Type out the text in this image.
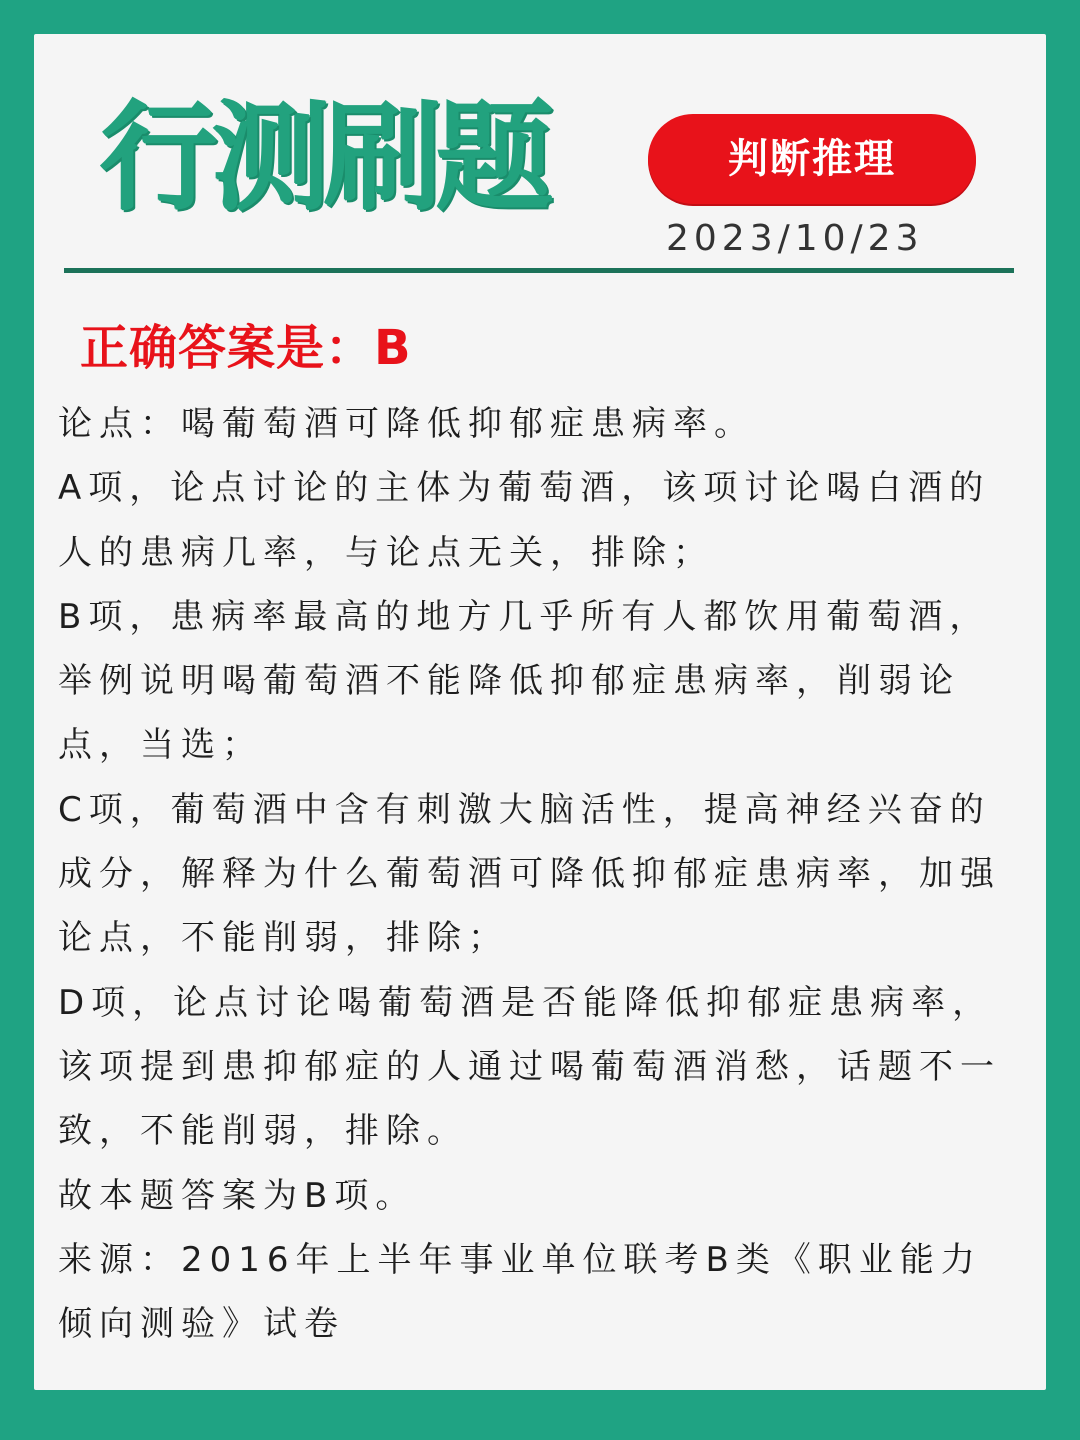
行测刷题	判断推理
2023/10/23
正确答案是：B

论点：喝葡萄酒可降低抑郁症患病率。

A项，论点讨论的主体为葡萄酒，该项讨论喝白酒的人的患病几率，与论点无关，排除；

B项，患病率最高的地方几乎所有人都饮用葡萄酒，举例说明喝葡萄酒不能降低抑郁症患病率，削弱论点，当选；

C项，葡萄酒中含有刺激大脑活性，提高神经兴奋的成分，解释为什么葡萄酒可降低抑郁症患病率，加强论点，不能削弱，排除；

D项，论点讨论喝葡萄酒是否能降低抑郁症患病率，该项提到患抑郁症的人通过喝葡萄酒消愁，话题不一致，不能削弱，排除。

故本题答案为B项。

来源：2016年上半年事业单位联考B类《职业能力倾向测验》试卷
